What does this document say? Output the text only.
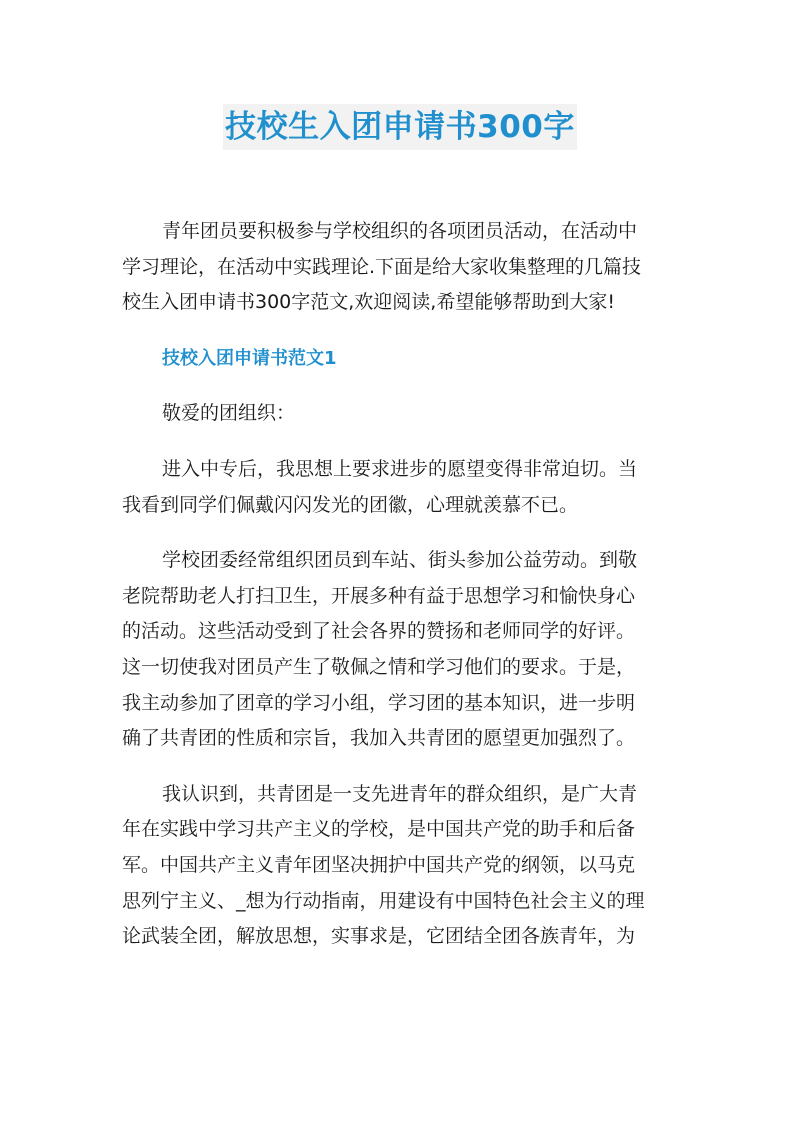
技校生入团申请书300字

青年团员要积极参与学校组织的各项团员活动，在活动中
学习理论，在活动中实践理论.下面是给大家收集整理的几篇技
校生入团申请书300字范文,欢迎阅读,希望能够帮助到大家!

技校入团申请书范文1

敬爱的团组织：

进入中专后，我思想上要求进步的愿望变得非常迫切。当
我看到同学们佩戴闪闪发光的团徽，心理就羡慕不已。

学校团委经常组织团员到车站、街头参加公益劳动。到敬
老院帮助老人打扫卫生，开展多种有益于思想学习和愉快身心
的活动。这些活动受到了社会各界的赞扬和老师同学的好评。
这一切使我对团员产生了敬佩之情和学习他们的要求。于是，
我主动参加了团章的学习小组，学习团的基本知识，进一步明
确了共青团的性质和宗旨，我加入共青团的愿望更加强烈了。

我认识到，共青团是一支先进青年的群众组织，是广大青
年在实践中学习共产主义的学校，是中国共产党的助手和后备
军。中国共产主义青年团坚决拥护中国共产党的纲领，以马克
思列宁主义、_想为行动指南，用建设有中国特色社会主义的理
论武装全团，解放思想，实事求是，它团结全团各族青年，为
